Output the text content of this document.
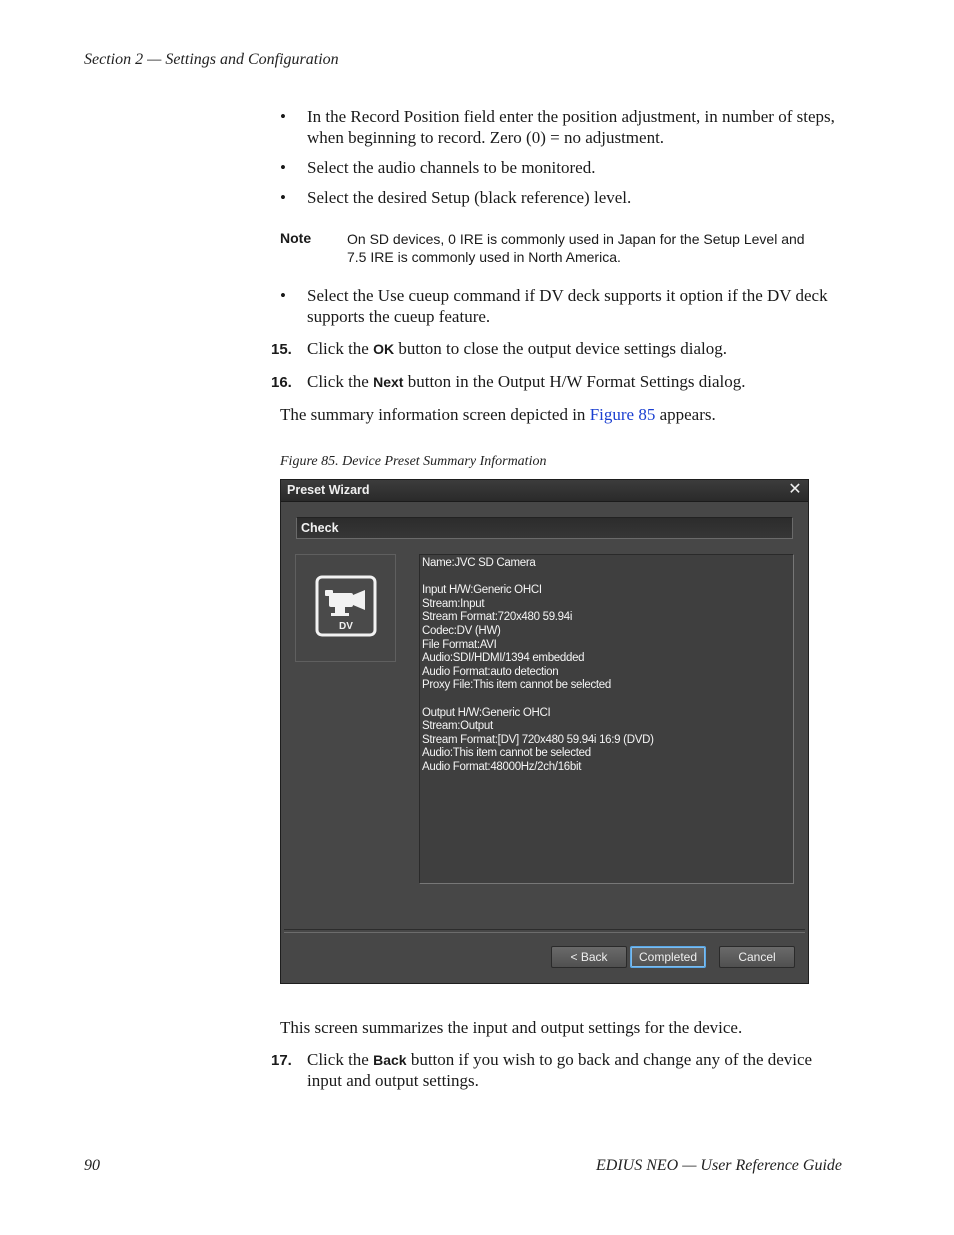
Section 2 — Settings and Configuration
• In the Record Position field enter the position adjustment, in number of steps, when beginning to record. Zero (0) = no adjustment.
• Select the audio channels to be monitored.
• Select the desired Setup (black reference) level.
Note	On SD devices, 0 IRE is commonly used in Japan for the Setup Level and 7.5 IRE is commonly used in North America.
• Select the Use cueup command if DV deck supports it option if the DV deck supports the cueup feature.
15. Click the OK button to close the output device settings dialog.
16. Click the Next button in the Output H/W Format Settings dialog.
The summary information screen depicted in Figure 85 appears.
Figure 85. Device Preset Summary Information
Preset Wizard	✕
Check
DV
Name:JVC SD Camera
Input H/W:Generic OHCI
Stream:Input
Stream Format:720x480 59.94i
Codec:DV (HW)
File Format:AVI
Audio:SDI/HDMI/1394 embedded
Audio Format:auto detection
Proxy File:This item cannot be selected
Output H/W:Generic OHCI
Stream:Output
Stream Format:[DV] 720x480 59.94i 16:9 (DVD)
Audio:This item cannot be selected
Audio Format:48000Hz/2ch/16bit
< Back	Completed	Cancel
This screen summarizes the input and output settings for the device.
17. Click the Back button if you wish to go back and change any of the device input and output settings.
90	EDIUS NEO — User Reference Guide
